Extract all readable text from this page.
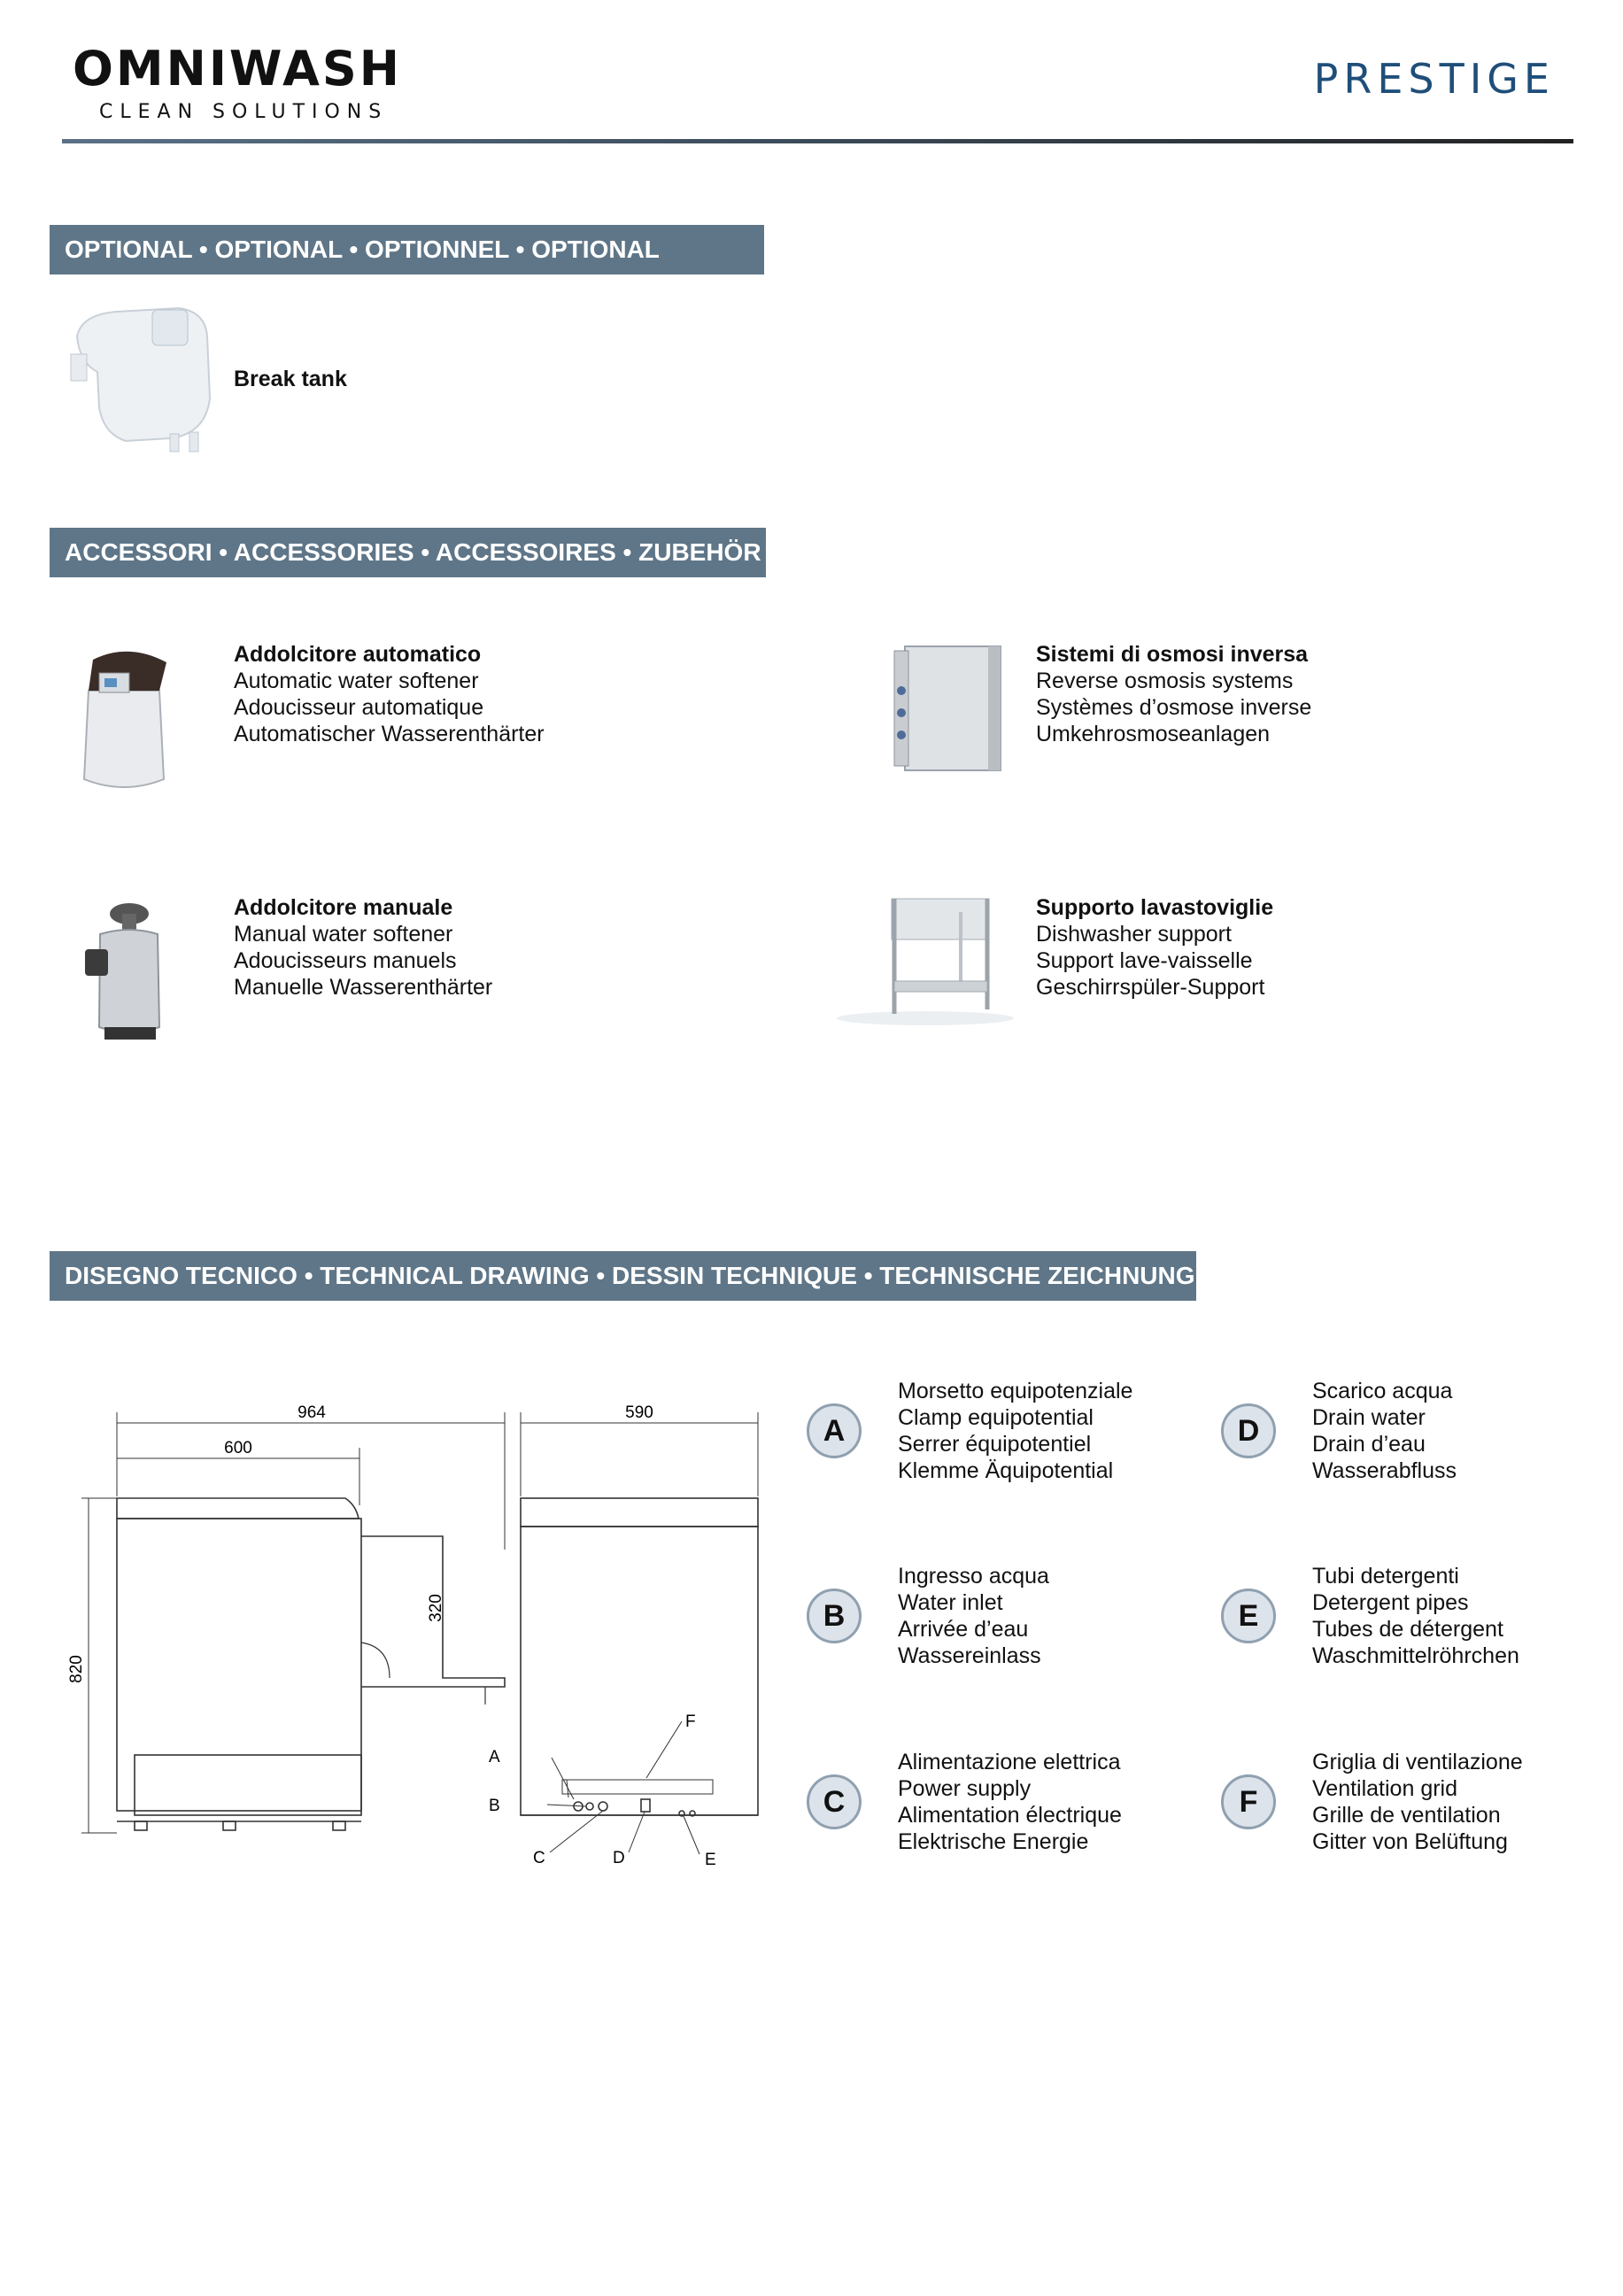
OMNIWASH
CLEAN SOLUTIONS
PRESTIGE
OPTIONAL • OPTIONAL • OPTIONNEL • OPTIONAL
Break tank
ACCESSORI • ACCESSORIES • ACCESSOIRES • ZUBEHÖR
Addolcitore automatico
Automatic water softener
Adoucisseur automatique
Automatischer Wasserenthärter
Sistemi di osmosi inversa
Reverse osmosis systems
Systèmes d’osmose inverse
Umkehrosmoseanlagen
Addolcitore manuale
Manual water softener
Adoucisseurs manuels
Manuelle Wasserenthärter
Supporto lavastoviglie
Dishwasher support
Support lave-vaisselle
Geschirrspüler-Support
DISEGNO TECNICO • TECHNICAL DRAWING • DESSIN TECHNIQUE • TECHNISCHE ZEICHNUNG
964
600
820
320
590
A
B
C	D	E
F
A
Morsetto equipotenziale
Clamp equipotential
Serrer équipotentiel
Klemme Äquipotential
B
Ingresso acqua
Water inlet
Arrivée d’eau
Wassereinlass
C
Alimentazione elettrica
Power supply
Alimentation électrique
Elektrische Energie
D
Scarico acqua
Drain water
Drain d’eau
Wasserabfluss
E
Tubi detergenti
Detergent pipes
Tubes de détergent
Waschmittelröhrchen
F
Griglia di ventilazione
Ventilation grid
Grille de ventilation
Gitter von Belüftung
